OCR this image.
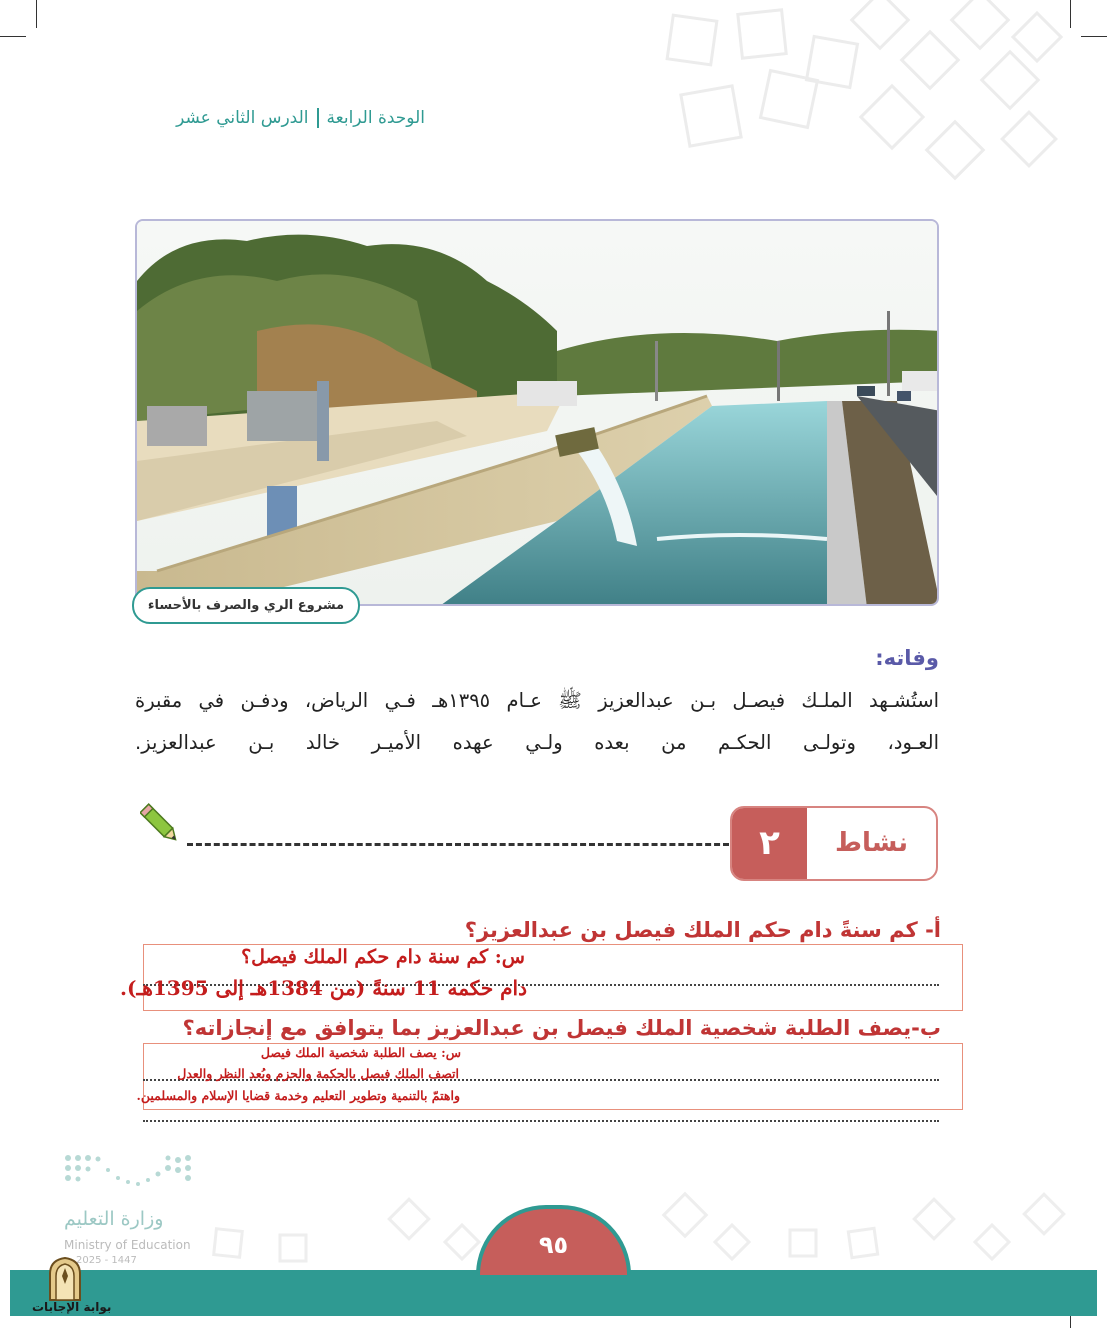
الوحدة الرابعةالدرس الثاني عشر
مشروع الري والصرف بالأحساء
وفاته:

استُشـهد الملـك فيصـل بـن عبدالعزيز ﷺ عـام ١٣٩٥هـ فـي الرياض، ودفـن في مقبرة

العـود، وتولـى الحكـم من بعده ولـي عهده الأميـر خالد بـن عبدالعزيز.

٢	نشاط
أ- كم سنةً دام حكم الملك فيصل بن عبدالعزيز؟
س: كم سنة دام حكم الملك فيصل؟
دام حكمه 11 سنةً (من 1384هـ إلى 1395هـ).
ب-يصف الطلبة شخصية الملك فيصل بن عبدالعزيز بما يتوافق مع إنجازاته؟
س: يصف الطلبة شخصية الملك فيصل
اتصف الملك فيصل بالحكمة والحزم وبُعد النظر والعدل
واهتمّ بالتنمية وتطوير التعليم وخدمة قضايا الإسلام والمسلمين.
وزارة التعليم
Ministry of Education
2025 - 1447
٩٥
بوابة الإجابات
